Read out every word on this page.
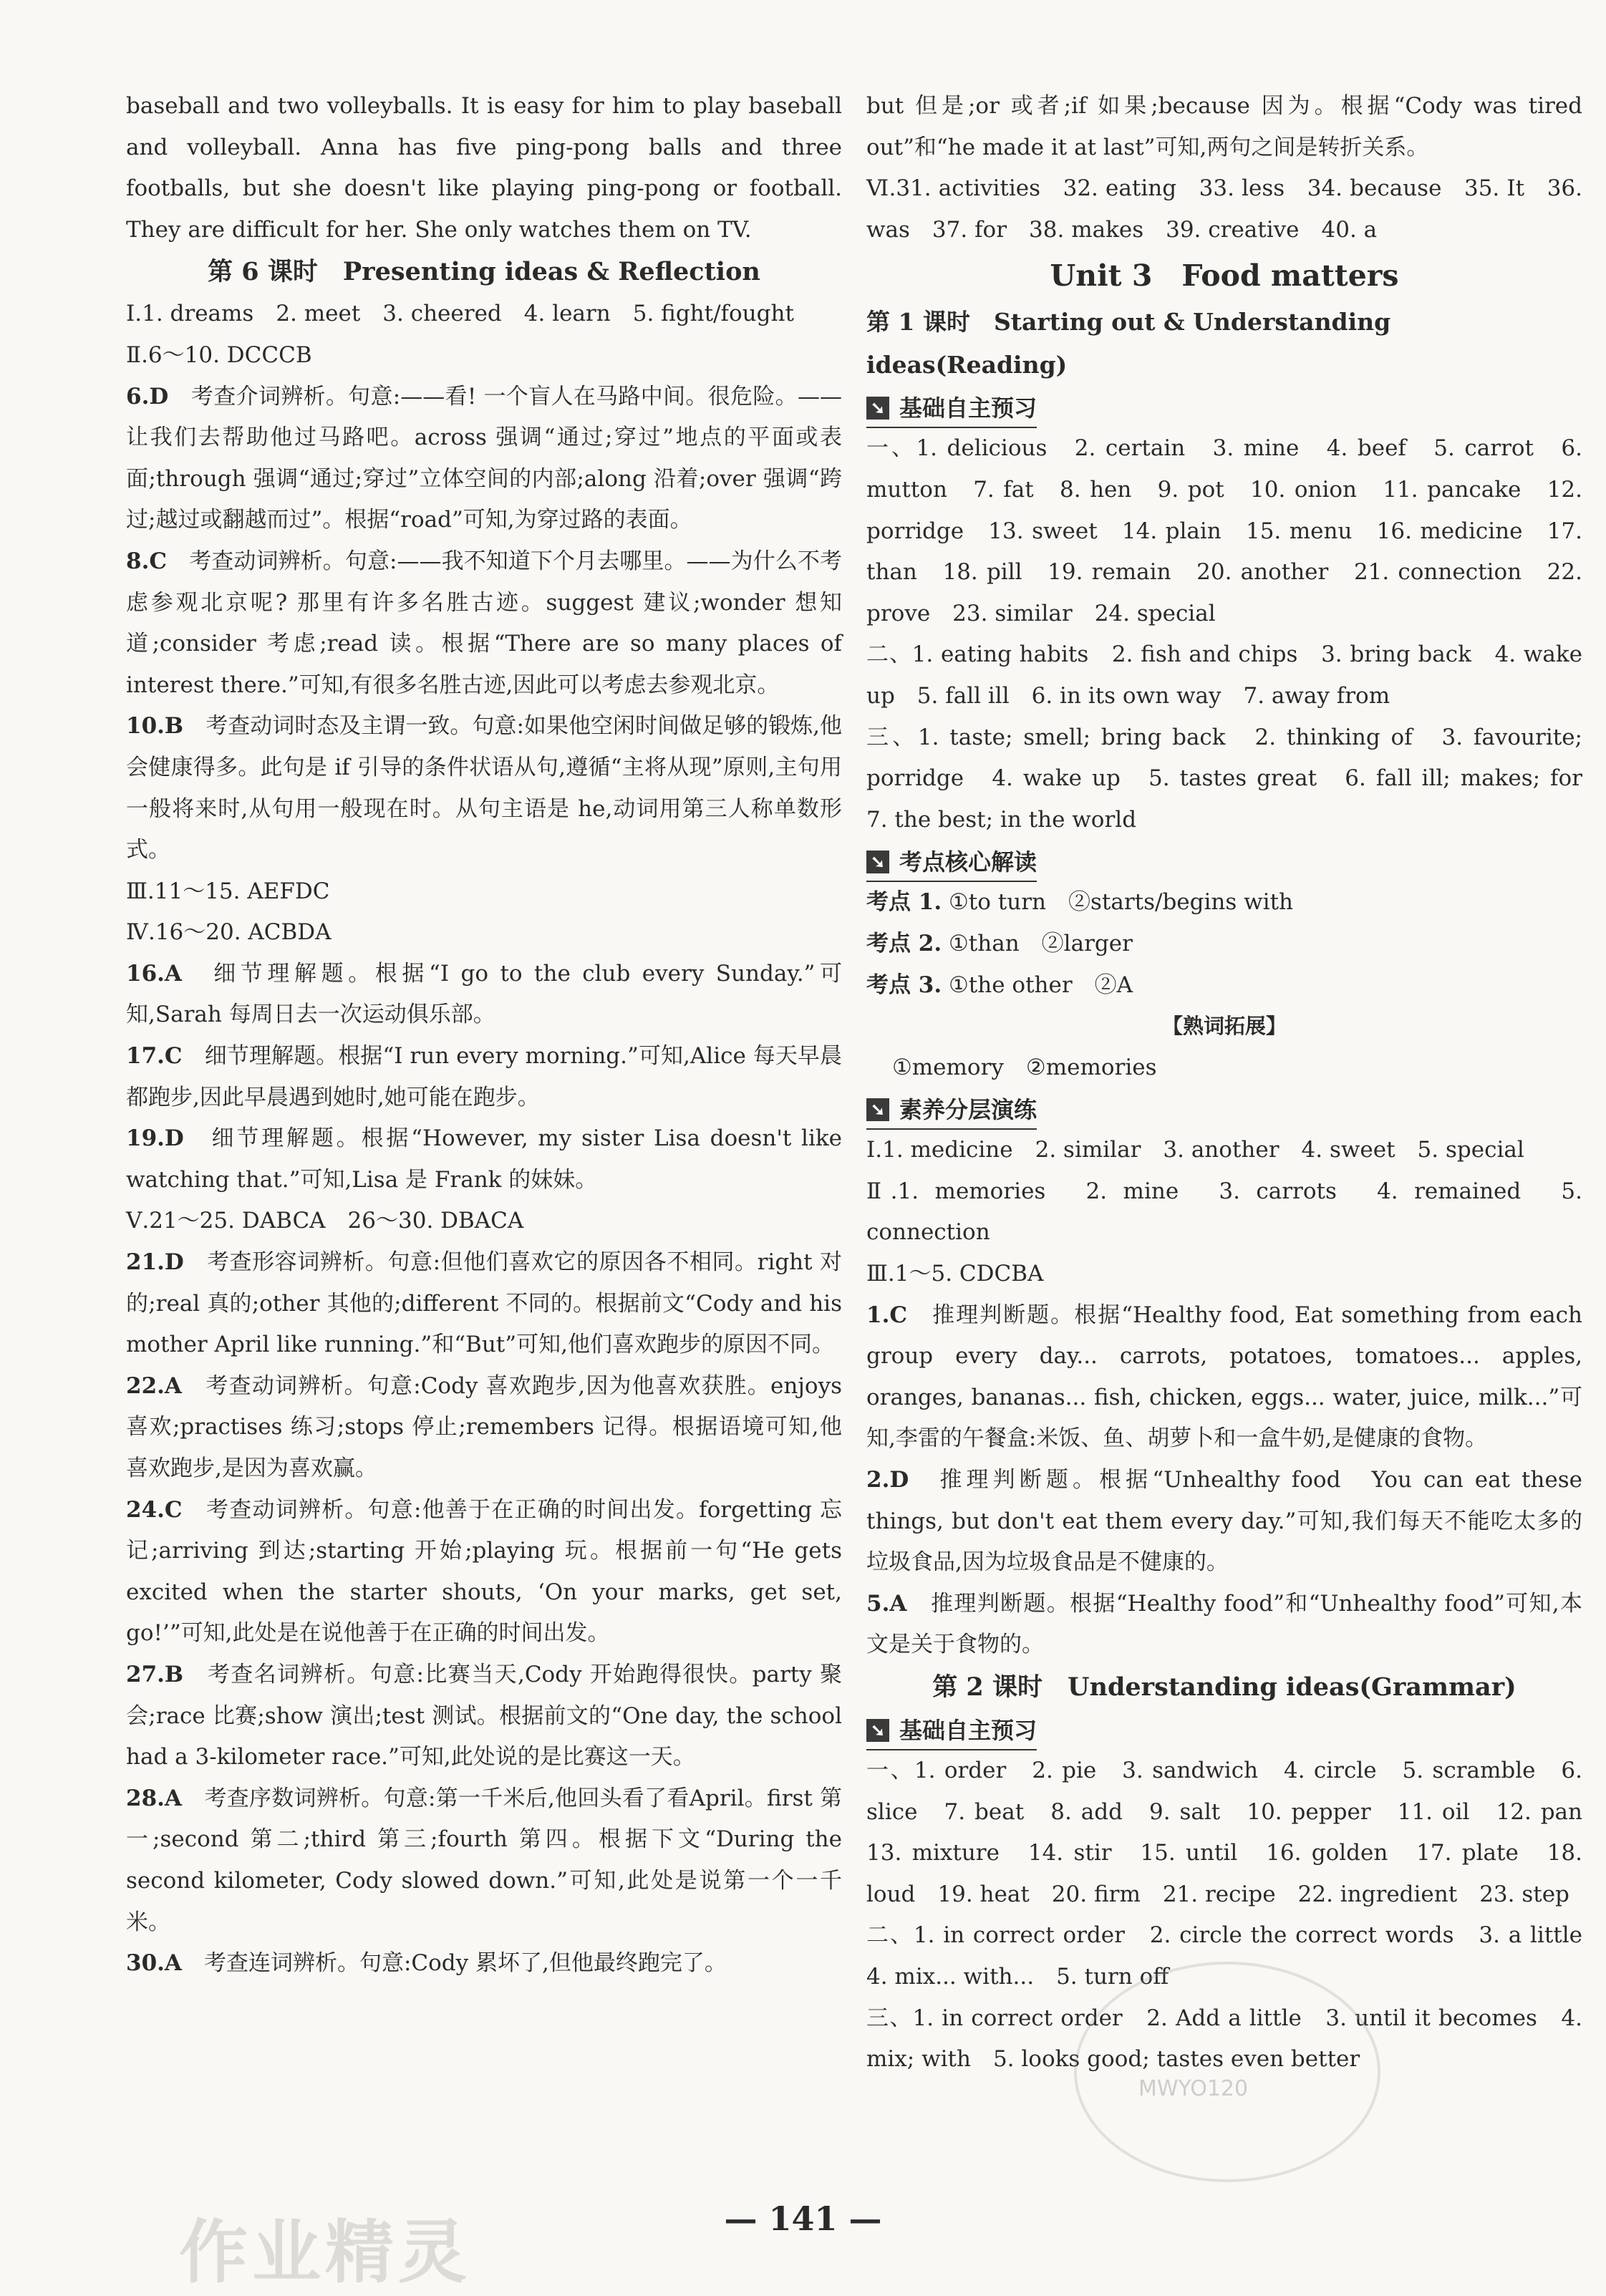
baseball and two volleyballs. It is easy for him to play baseball and volleyball. Anna has five ping-pong balls and three footballs, but she doesn't like playing ping-pong or football. They are difficult for her. She only watches them on TV.

第 6 课时　Presenting ideas & Reflection

Ⅰ.1. dreams　2. meet　3. cheered　4. learn　5. fight/fought

Ⅱ.6～10. DCCCB

6.D　 考查介词辨析。句意:——看! 一个盲人在马路中间。很危险。——让我们去帮助他过马路吧。across 强调“通过;穿过”地点的平面或表面;through 强调“通过;穿过”立体空间的内部;along 沿着;over 强调“跨过;越过或翻越而过”。根据“road”可知,为穿过路的表面。

8.C　 考查动词辨析。句意:——我不知道下个月去哪里。——为什么不考虑参观北京呢? 那里有许多名胜古迹。suggest 建议;wonder 想知道;consider 考虑;read 读。根据“There are so many places of interest there.”可知,有很多名胜古迹,因此可以考虑去参观北京。

10.B　 考查动词时态及主谓一致。句意:如果他空闲时间做足够的锻炼,他会健康得多。此句是 if 引导的条件状语从句,遵循“主将从现”原则,主句用一般将来时,从句用一般现在时。从句主语是 he,动词用第三人称单数形式。

Ⅲ.11～15. AEFDC

Ⅳ.16～20. ACBDA

16.A　 细节理解题。根据“I go to the club every Sunday.”可知,Sarah 每周日去一次运动俱乐部。

17.C　 细节理解题。根据“I run every morning.”可知,Alice 每天早晨都跑步,因此早晨遇到她时,她可能在跑步。

19.D　 细节理解题。根据“However, my sister Lisa doesn't like watching that.”可知,Lisa 是 Frank 的妹妹。

Ⅴ.21～25. DABCA　26～30. DBACA

21.D　 考查形容词辨析。句意:但他们喜欢它的原因各不相同。right 对的;real 真的;other 其他的;different 不同的。根据前文“Cody and his mother April like running.”和“But”可知,他们喜欢跑步的原因不同。

22.A　 考查动词辨析。句意:Cody 喜欢跑步,因为他喜欢获胜。enjoys 喜欢;practises 练习;stops 停止;remembers 记得。根据语境可知,他喜欢跑步,是因为喜欢赢。

24.C　 考查动词辨析。句意:他善于在正确的时间出发。forgetting 忘记;arriving 到达;starting 开始;playing 玩。根据前一句“He gets excited when the starter shouts, ‘On your marks, get set, go!’”可知,此处是在说他善于在正确的时间出发。

27.B　 考查名词辨析。句意:比赛当天,Cody 开始跑得很快。party 聚会;race 比赛;show 演出;test 测试。根据前文的“One day, the school had a 3-kilometer race.”可知,此处说的是比赛这一天。

28.A　 考查序数词辨析。句意:第一千米后,他回头看了看April。first 第一;second 第二;third 第三;fourth 第四。根据下文“During the second kilometer, Cody slowed down.”可知,此处是说第一个一千米。

30.A　 考查连词辨析。句意:Cody 累坏了,但他最终跑完了。

but 但是;or 或者;if 如果;because 因为。根据“Cody was tired out”和“he made it at last”可知,两句之间是转折关系。

Ⅵ.31. activities　32. eating　33. less　34. because　35. It　36. was　37. for　38. makes　39. creative　40. a

Unit 3　Food matters

第 1 课时　Starting out & Understanding ideas(Reading)

➘ 基础自主预习

一、1. delicious　2. certain　3. mine　4. beef　5. carrot　6. mutton　7. fat　8. hen　9. pot　10. onion　11. pancake　12. porridge　13. sweet　14. plain　15. menu　16. medicine　17. than　18. pill　19. remain　20. another　21. connection　22. prove　23. similar　24. special

二、1. eating habits　2. fish and chips　3. bring back　4. wake up　5. fall ill　6. in its own way　7. away from

三、1. taste; smell; bring back　2. thinking of　3. favourite; porridge　4. wake up　5. tastes great　6. fall ill; makes; for　7. the best; in the world

➘ 考点核心解读

考点 1. ①to turn　②starts/begins with

考点 2. ①than　②larger

考点 3. ①the other　②A

【熟词拓展】

①memory　②memories

➘ 素养分层演练

Ⅰ.1. medicine　2. similar　3. another　4. sweet　5. special

Ⅱ.1. memories　2. mine　3. carrots　4. remained　5. connection

Ⅲ.1～5. CDCBA

1.C　 推理判断题。根据“Healthy food, Eat something from each group every day... carrots, potatoes, tomatoes... apples, oranges, bananas... fish, chicken, eggs... water, juice, milk...”可知,李雷的午餐盒:米饭、鱼、胡萝卜和一盒牛奶,是健康的食物。

2.D　 推理判断题。根据“Unhealthy food　You can eat these things, but don't eat them every day.”可知,我们每天不能吃太多的垃圾食品,因为垃圾食品是不健康的。

5.A　 推理判断题。根据“Healthy food”和“Unhealthy food”可知,本文是关于食物的。

第 2 课时　Understanding ideas(Grammar)

➘ 基础自主预习

一、1. order　2. pie　3. sandwich　4. circle　5. scramble　6. slice　7. beat　8. add　9. salt　10. pepper　11. oil　12. pan　13. mixture　14. stir　15. until　16. golden　17. plate　18. loud　19. heat　20. firm　21. recipe　22. ingredient　23. step

二、1. in correct order　2. circle the correct words　3. a little　4. mix... with...　5. turn off

三、1. in correct order　2. Add a little　3. until it becomes　4. mix; with　5. looks good; tastes even better

MWYO120
作业精灵	— 141 —
